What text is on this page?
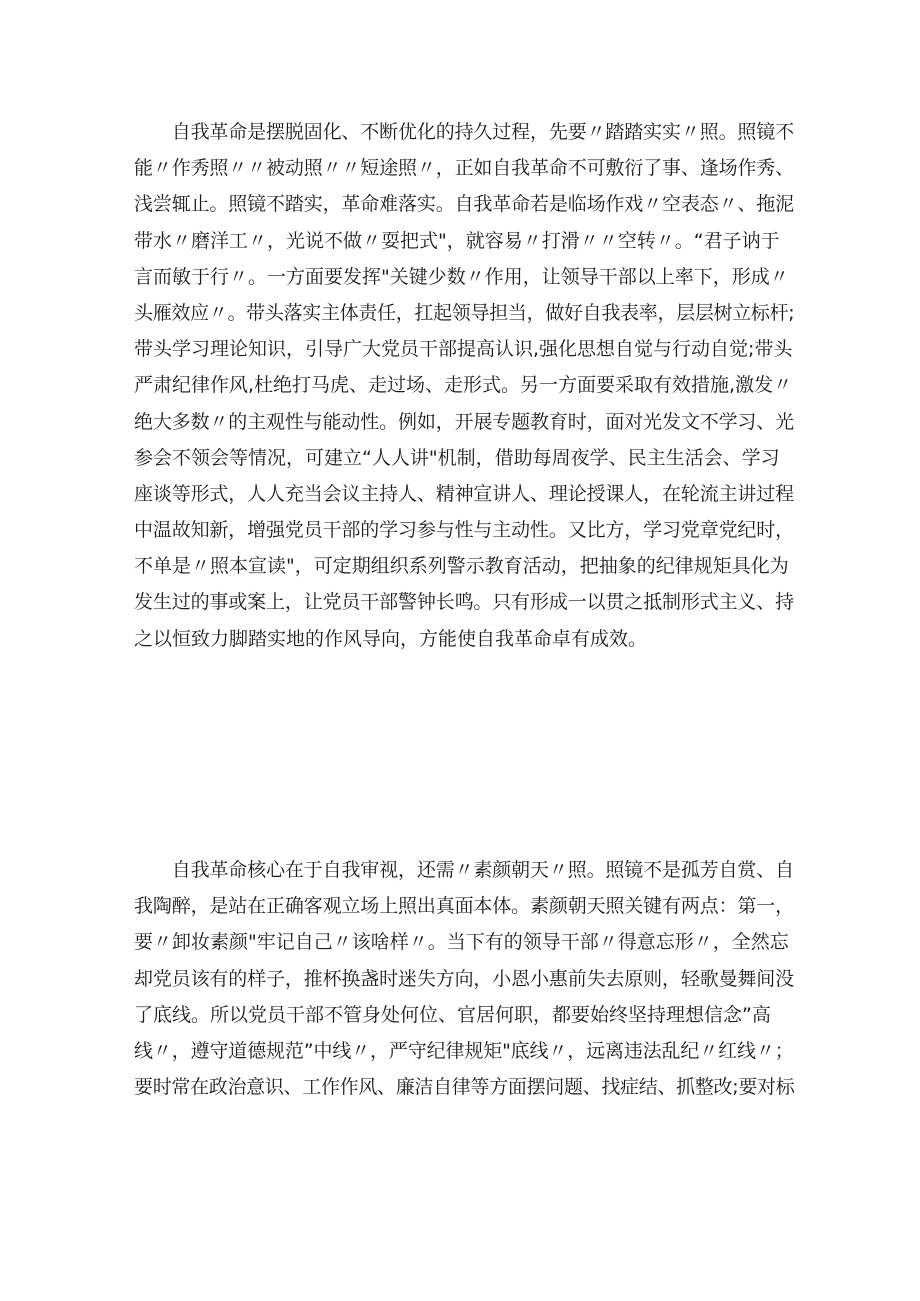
　　自我革命是摆脱固化、不断优化的持久过程，先要〃踏踏实实〃照。照镜不
能〃作秀照〃〃被动照〃〃短途照〃，正如自我革命不可敷衍了事、逢场作秀、
浅尝辄止。照镜不踏实，革命难落实。自我革命若是临场作戏〃空表态〃、拖泥
带水〃磨洋工〃，光说不做〃耍把式"，就容易〃打滑〃〃空转〃。“君子讷于
言而敏于行〃。一方面要发挥"关键少数〃作用，让领导干部以上率下，形成〃
头雁效应〃。带头落实主体责任，扛起领导担当，做好自我表率，层层树立标杆;
带头学习理论知识，引导广大党员干部提高认识,强化思想自觉与行动自觉;带头
严肃纪律作风,杜绝打马虎、走过场、走形式。另一方面要采取有效措施,激发〃
绝大多数〃的主观性与能动性。例如，开展专题教育时，面对光发文不学习、光
参会不领会等情况，可建立“人人讲"机制，借助每周夜学、民主生活会、学习
座谈等形式，人人充当会议主持人、精神宣讲人、理论授课人，在轮流主讲过程
中温故知新，增强党员干部的学习参与性与主动性。又比方，学习党章党纪时，
不单是〃照本宣读"，可定期组织系列警示教育活动，把抽象的纪律规矩具化为
发生过的事或案上，让党员干部警钟长鸣。只有形成一以贯之抵制形式主义、持
之以恒致力脚踏实地的作风导向，方能使自我革命卓有成效。
　　自我革命核心在于自我审视，还需〃素颜朝天〃照。照镜不是孤芳自赏、自
我陶醉，是站在正确客观立场上照出真面本体。素颜朝天照关键有两点：第一，
要〃卸妆素颜"牢记自己〃该啥样〃。当下有的领导干部〃得意忘形〃，全然忘
却党员该有的样子，推杯换盏时迷失方向，小恩小惠前失去原则，轻歌曼舞间没
了底线。所以党员干部不管身处何位、官居何职，都要始终坚持理想信念”高
线〃，遵守道德规范”中线〃，严守纪律规矩"底线〃，远离违法乱纪〃红线〃；
要时常在政治意识、工作作风、廉洁自律等方面摆问题、找症结、抓整改;要对标
